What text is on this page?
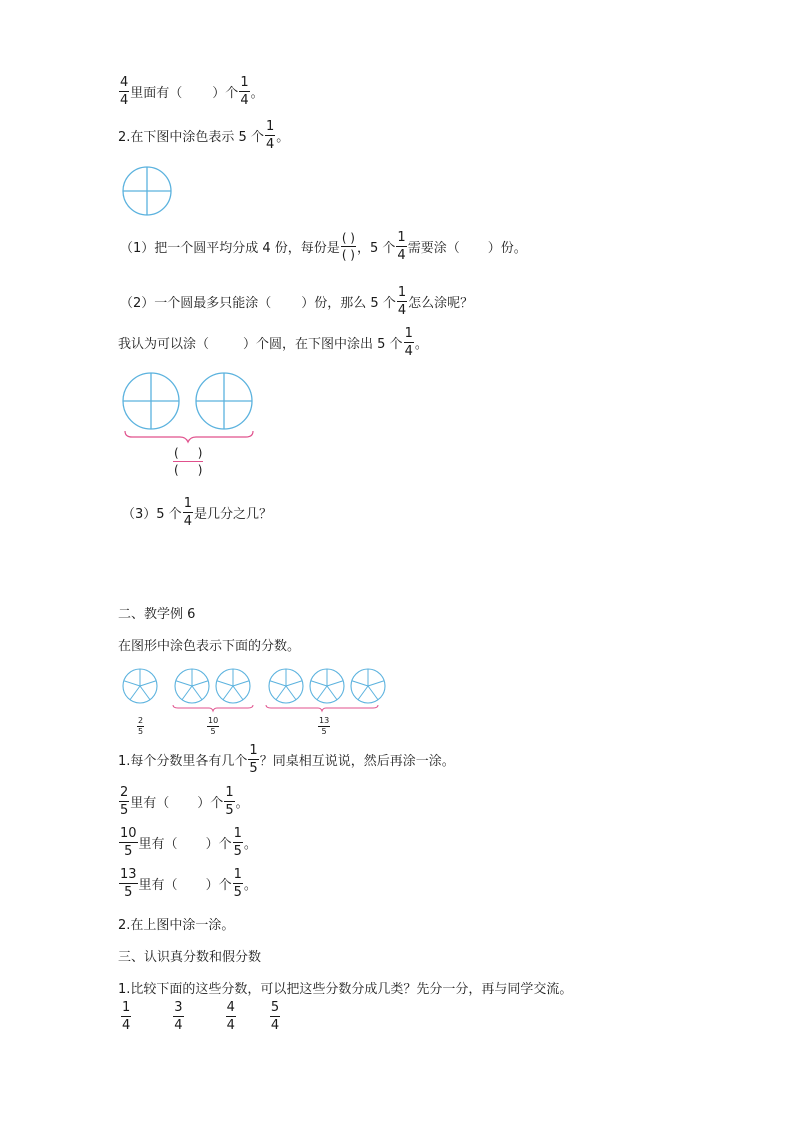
$\frac{4}{4}$ 里面有（ ）个 $\frac{1}{4}$ 。
2.在下图中涂色表示 5 个 $\frac{1}{4}$ 。
（1）把一个圆平均分成 4 份，每份是 $\frac{( )}{( )}$ ，5 个 $\frac{1}{4}$ 需要涂（ ）份。
（2）一个圆最多只能涂（ ）份，那么 5 个 $\frac{1}{4}$ 怎么涂呢？
我认为可以涂（	）个圆，在下图中涂出 5 个 $\frac{1}{4}$ 。
$\frac{( )}{( )}$
（3）5 个 $\frac{1}{4}$ 是几分之几？
二、教学例 6
在图形中涂色表示下面的分数。
$\frac{2}{5}$	$\frac{10}{5}$	$\frac{13}{5}$
1.每个分数里各有几个 $\frac{1}{5}$ ？同桌相互说说，然后再涂一涂。
$\frac{2}{5}$ 里有（ ）个 $\frac{1}{5}$ 。
$\frac{10}{5}$ 里有（ ）个 $\frac{1}{5}$ 。
$\frac{13}{5}$ 里有（ ）个 $\frac{1}{5}$ 。
2.在上图中涂一涂。
三、认识真分数和假分数
1.比较下面的这些分数，可以把这些分数分成几类？先分一分，再与同学交流。
$\frac{1}{4}$	$\frac{3}{4}$	$\frac{4}{4}$	$\frac{5}{4}$
